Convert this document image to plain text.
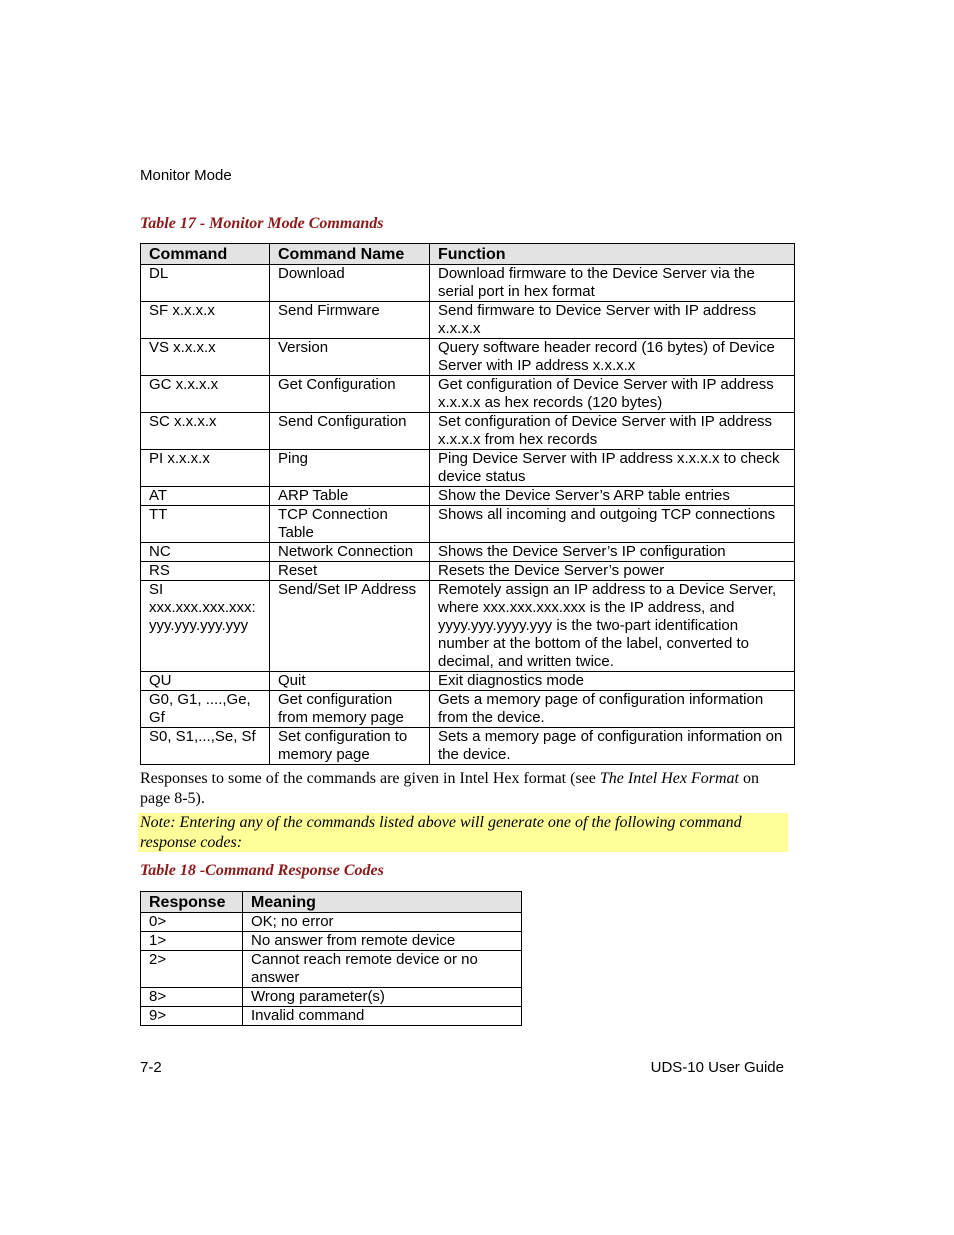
Monitor Mode
Table 17 - Monitor Mode Commands
Command	Command Name	Function
DL	Download	Download firmware to the Device Server via the serial port in hex format
SF x.x.x.x	Send Firmware	Send firmware to Device Server with IP address x.x.x.x
VS x.x.x.x	Version	Query software header record (16 bytes) of Device Server with IP address x.x.x.x
GC x.x.x.x	Get Configuration	Get configuration of Device Server with IP address x.x.x.x as hex records (120 bytes)
SC x.x.x.x	Send Configuration	Set configuration of Device Server with IP address x.x.x.x from hex records
PI x.x.x.x	Ping	Ping Device Server with IP address x.x.x.x to check device status
AT	ARP Table	Show the Device Server’s ARP table entries
TT	TCP Connection Table	Shows all incoming and outgoing TCP connections
NC	Network Connection	Shows the Device Server’s IP configuration
RS	Reset	Resets the Device Server’s power
SI xxx.xxx.xxx.xxx: yyy.yyy.yyy.yyy	Send/Set IP Address	Remotely assign an IP address to a Device Server, where xxx.xxx.xxx.xxx is the IP address, and yyyy.yyy.yyyy.yyy is the two-part identification number at the bottom of the label, converted to decimal, and written twice.
QU	Quit	Exit diagnostics mode
G0, G1, ....,Ge, Gf	Get configuration from memory page	Gets a memory page of configuration information from the device.
S0, S1,...,Se, Sf	Set configuration to memory page	Sets a memory page of configuration information on the device.
Responses to some of the commands are given in Intel Hex format (see The Intel Hex Format on page 8-5).
Note: Entering any of the commands listed above will generate one of the following command response codes:
Table 18 -Command Response Codes
Response	Meaning
0>	OK; no error
1>	No answer from remote device
2>	Cannot reach remote device or no answer
8>	Wrong parameter(s)
9>	Invalid command
7-2	UDS-10 User Guide
